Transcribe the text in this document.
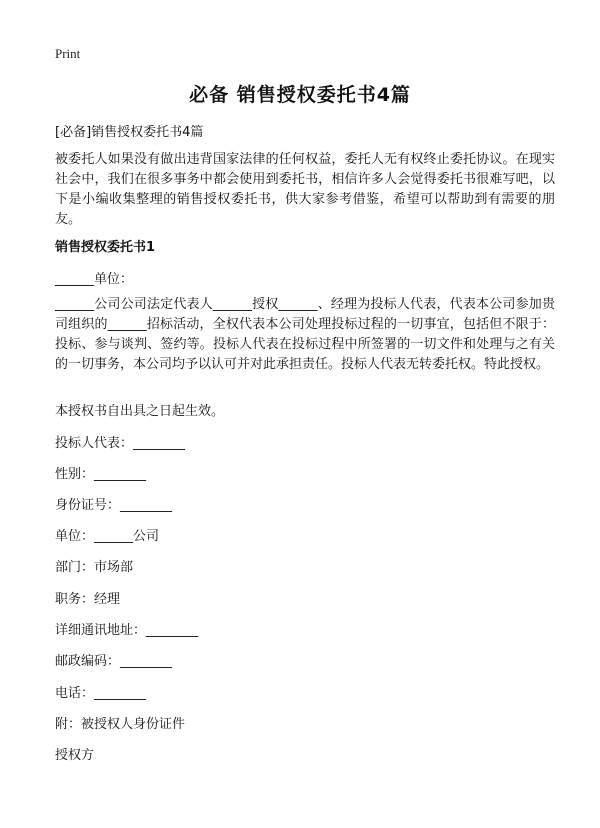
Print
必备 销售授权委托书4篇
[必备]销售授权委托书4篇

被委托人如果没有做出违背国家法律的任何权益，委托人无有权终止委托协议。在现实社会中，我们在很多事务中都会使用到委托书，相信许多人会觉得委托书很难写吧，以下是小编收集整理的销售授权委托书，供大家参考借鉴，希望可以帮助到有需要的朋友。

销售授权委托书1
______单位：

______公司公司法定代表人______授权______、经理为投标人代表，代表本公司参加贵司组织的______招标活动，全权代表本公司处理投标过程的一切事宜，包括但不限于：投标、参与谈判、签约等。投标人代表在投标过程中所签署的一切文件和处理与之有关的一切事务，本公司均予以认可并对此承担责任。投标人代表无转委托权。特此授权。

本授权书自出具之日起生效。
投标人代表：________
性别：________
身份证号：________
单位：______公司
部门：市场部
职务：经理
详细通讯地址：________
邮政编码：________
电话：________
附：被授权人身份证件
授权方
